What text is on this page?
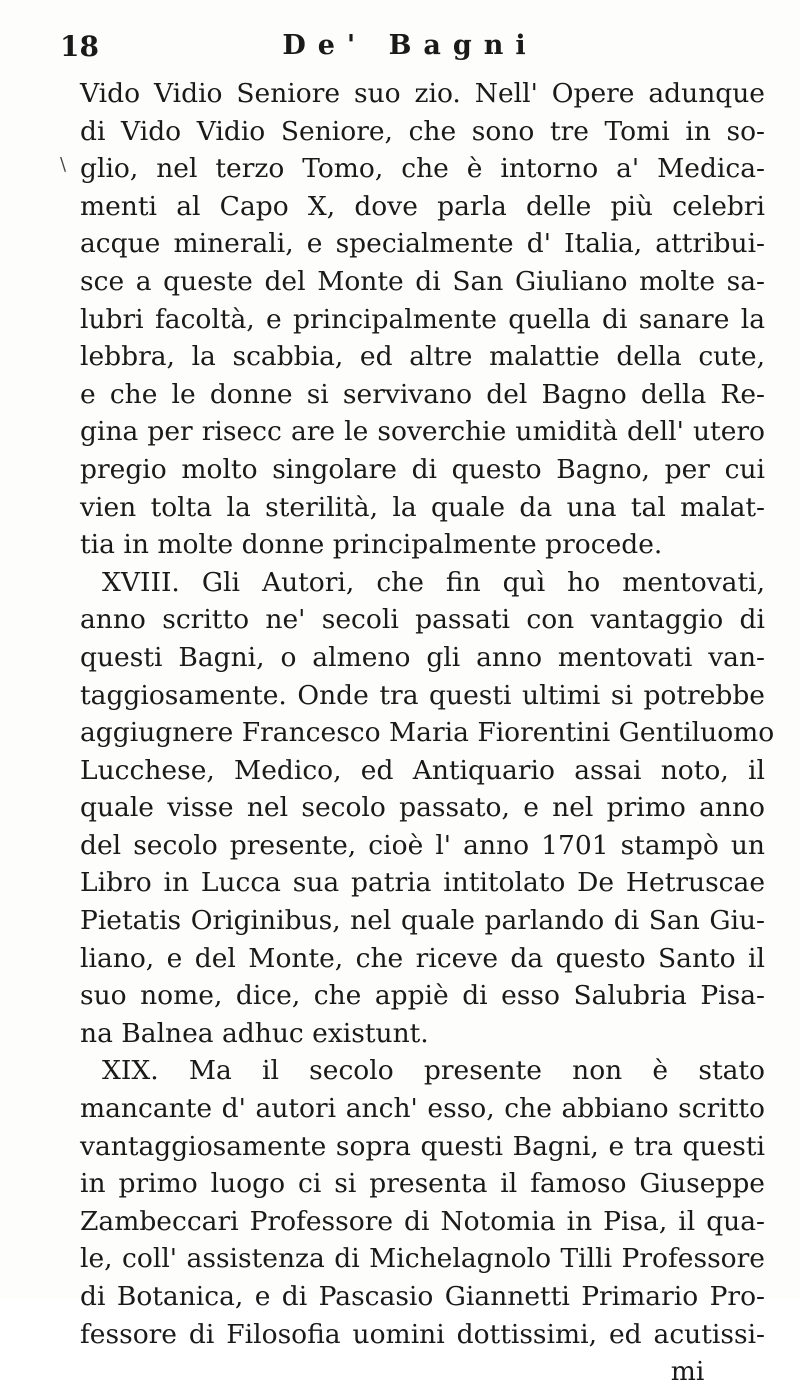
18	De' Bagni
\
Vido Vidio Seniore suo zio. Nell' Opere adunque
di Vido Vidio Seniore, che sono tre Tomi in so-
glio, nel terzo Tomo, che è intorno a' Medica-
menti al Capo X, dove parla delle più celebri
acque minerali, e specialmente d' Italia, attribui-
sce a queste del Monte di San Giuliano molte sa-
lubri facoltà, e principalmente quella di sanare la
lebbra, la scabbia, ed altre malattie della cute,
e che le donne si servivano del Bagno della Re-
gina per risecc are le soverchie umidità dell' utero
pregio molto singolare di questo Bagno, per cui
vien tolta la sterilità, la quale da una tal malat-
tia in molte donne principalmente procede.
XVIII. Gli Autori, che fin quì ho mentovati,
anno scritto ne' secoli passati con vantaggio di
questi Bagni, o almeno gli anno mentovati van-
taggiosamente. Onde tra questi ultimi si potrebbe
aggiugnere Francesco Maria Fiorentini Gentiluomo
Lucchese, Medico, ed Antiquario assai noto, il
quale visse nel secolo passato, e nel primo anno
del secolo presente, cioè l' anno 1701 stampò un
Libro in Lucca sua patria intitolato De Hetruscae
Pietatis Originibus, nel quale parlando di San Giu-
liano, e del Monte, che riceve da questo Santo il
suo nome, dice, che appiè di esso Salubria Pisa-
na Balnea adhuc existunt.
XIX. Ma il secolo presente non è stato
mancante d' autori anch' esso, che abbiano scritto
vantaggiosamente sopra questi Bagni, e tra questi
in primo luogo ci si presenta il famoso Giuseppe
Zambeccari Professore di Notomia in Pisa, il qua-
le, coll' assistenza di Michelagnolo Tilli Professore
di Botanica, e di Pascasio Giannetti Primario Pro-
fessore di Filosofia uomini dottissimi, ed acutissi-
mi
